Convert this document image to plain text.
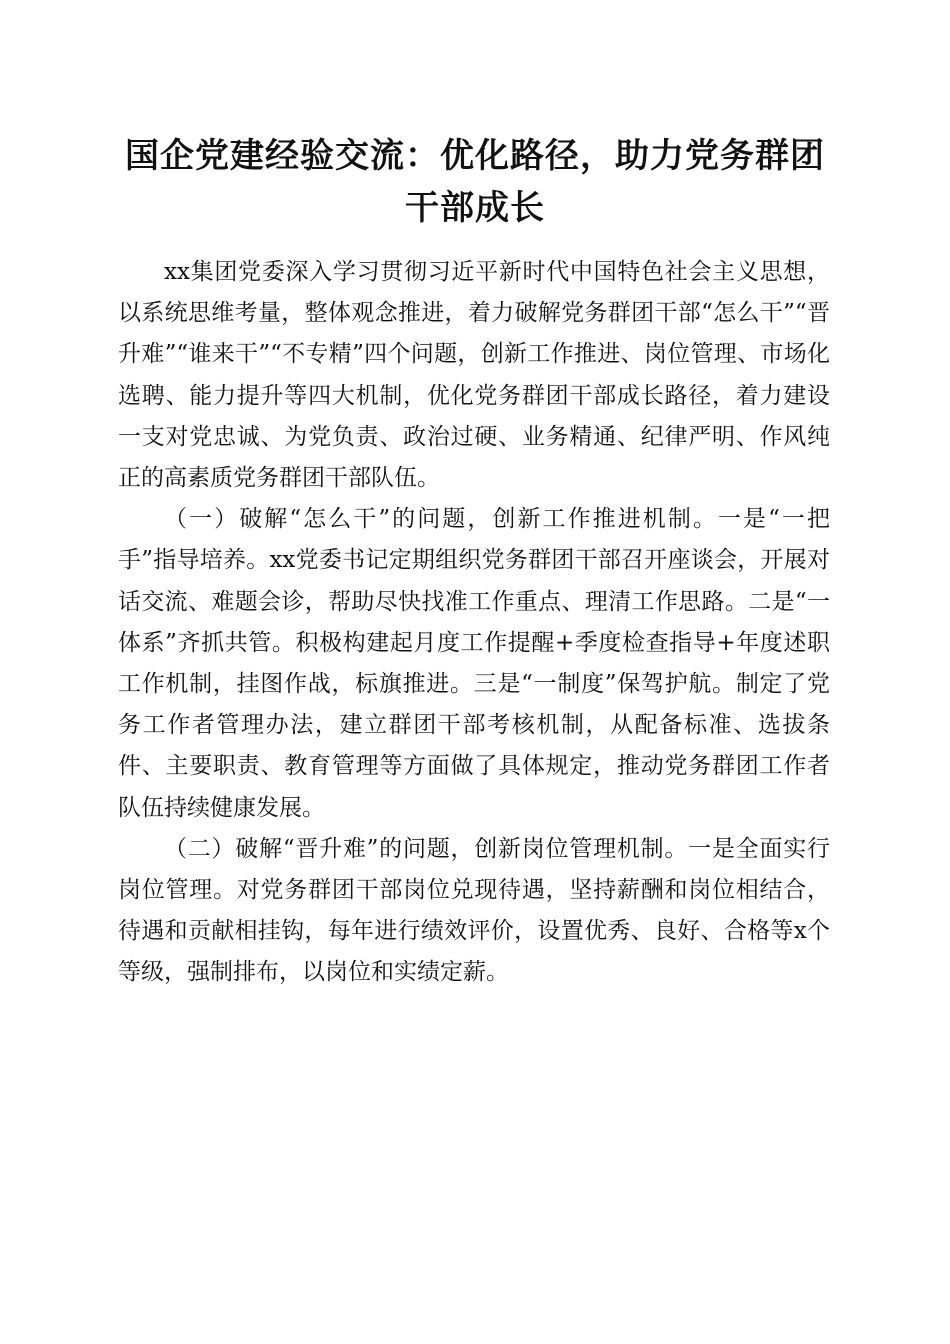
国企党建经验交流：优化路径，助力党务群团
干部成长

xx集团党委深入学习贯彻习近平新时代中国特色社会主义思想，以系统思维考量，整体观念推进，着力破解党务群团干部“怎么干”“晋升难”“谁来干”“不专精”四个问题，创新工作推进、岗位管理、市场化选聘、能力提升等四大机制，优化党务群团干部成长路径，着力建设一支对党忠诚、为党负责、政治过硬、业务精通、纪律严明、作风纯正的高素质党务群团干部队伍。

（一）破解“怎么干”的问题，创新工作推进机制。一是“一把手”指导培养。xx党委书记定期组织党务群团干部召开座谈会，开展对话交流、难题会诊，帮助尽快找准工作重点、理清工作思路。二是“一体系”齐抓共管。积极构建起月度工作提醒+季度检查指导+年度述职工作机制，挂图作战，标旗推进。三是“一制度”保驾护航。制定了党务工作者管理办法，建立群团干部考核机制，从配备标准、选拔条件、主要职责、教育管理等方面做了具体规定，推动党务群团工作者队伍持续健康发展。

（二）破解“晋升难”的问题，创新岗位管理机制。一是全面实行岗位管理。对党务群团干部岗位兑现待遇，坚持薪酬和岗位相结合，待遇和贡献相挂钩，每年进行绩效评价，设置优秀、良好、合格等x个等级，强制排布，以岗位和实绩定薪。
